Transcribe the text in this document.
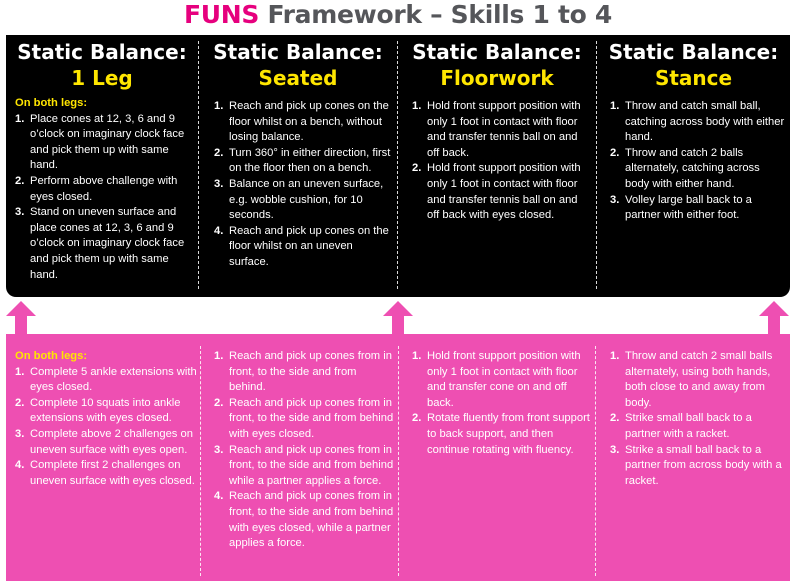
FUNS Framework – Skills 1 to 4
Static Balance:
1 Leg
On both legs:
1. Place cones at 12, 3, 6 and 9 o’clock on imaginary clock face and pick them up with same hand.
2. Perform above challenge with eyes closed.
3. Stand on uneven surface and place cones at 12, 3, 6 and 9 o’clock on imaginary clock face and pick them up with same hand.
Static Balance:
Seated
1. Reach and pick up cones on the floor whilst on a bench, without losing balance.
2. Turn 360° in either direction, first on the floor then on a bench.
3. Balance on an uneven surface, e.g. wobble cushion, for 10 seconds.
4. Reach and pick up cones on the floor whilst on an uneven surface.
Static Balance:
Floorwork
1. Hold front support position with only 1 foot in contact with floor and transfer tennis ball on and off back.
2. Hold front support position with only 1 foot in contact with floor and transfer tennis ball on and off back with eyes closed.
Static Balance:
Stance
1. Throw and catch small ball, catching across body with either hand.
2. Throw and catch 2 balls alternately, catching across body with either hand.
3. Volley large ball back to a partner with either foot.
On both legs:
1. Complete 5 ankle extensions with eyes closed.
2. Complete 10 squats into ankle extensions with eyes closed.
3. Complete above 2 challenges on uneven surface with eyes open.
4. Complete first 2 challenges on uneven surface with eyes closed.
1. Reach and pick up cones from in front, to the side and from behind.
2. Reach and pick up cones from in front, to the side and from behind with eyes closed.
3. Reach and pick up cones from in front, to the side and from behind while a partner applies a force.
4. Reach and pick up cones from in front, to the side and from behind with eyes closed, while a partner applies a force.
1. Hold front support position with only 1 foot in contact with floor and transfer cone on and off back.
2. Rotate fluently from front support to back support, and then continue rotating with fluency.
1. Throw and catch 2 small balls alternately, using both hands, both close to and away from body.
2. Strike small ball back to a partner with a racket.
3. Strike a small ball back to a partner from across body with a racket.
